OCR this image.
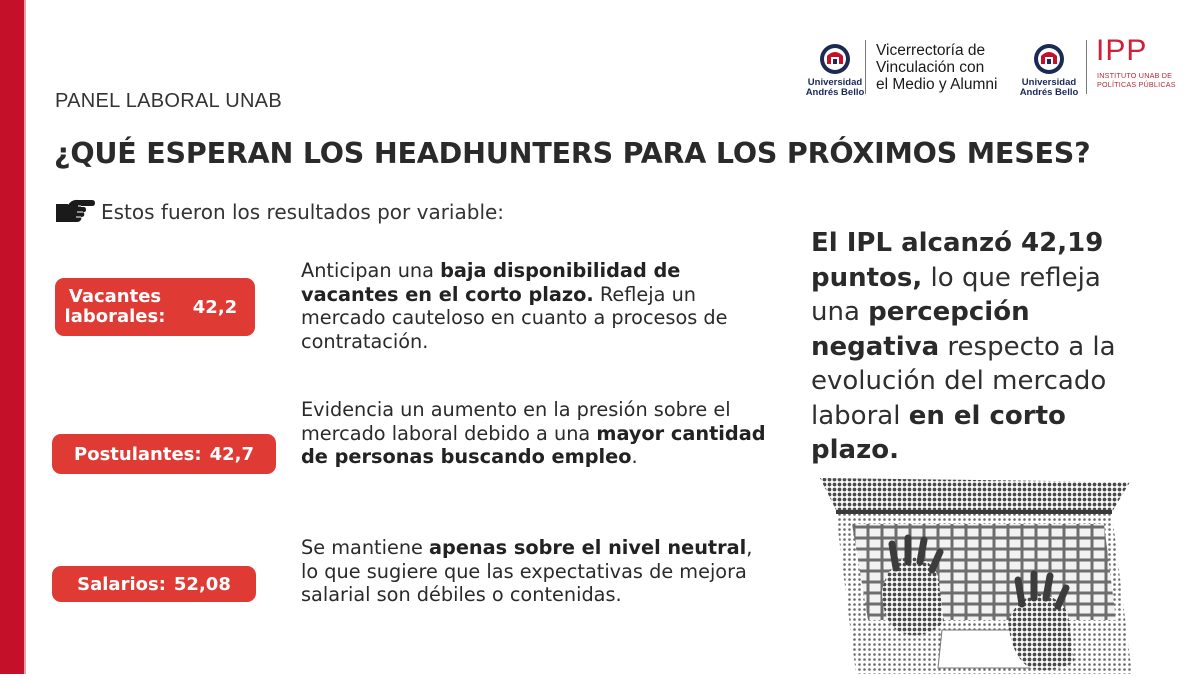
Universidad
Andrés Bello
Vicerrectoría de
Vinculación con
el Medio y Alumni	Universidad
Andrés Bello
IPP
INSTITUTO UNAB DE
POLÍTICAS PÚBLICAS
PANEL LABORAL UNAB
¿QUÉ ESPERAN LOS HEADHUNTERS PARA LOS PRÓXIMOS MESES?
Estos fueron los resultados por variable:
Vacantes
laborales:	42,2
Postulantes: 42,7
Salarios: 52,08
Anticipan una baja disponibilidad de vacantes en el corto plazo. Refleja un mercado cauteloso en cuanto a procesos de contratación.
Evidencia un aumento en la presión sobre el mercado laboral debido a una mayor cantidad de personas buscando empleo.
Se mantiene apenas sobre el nivel neutral, lo que sugiere que las expectativas de mejora salarial son débiles o contenidas.
El IPL alcanzó 42,19 puntos, lo que refleja una percepción negativa respecto a la evolución del mercado laboral en el corto plazo.
